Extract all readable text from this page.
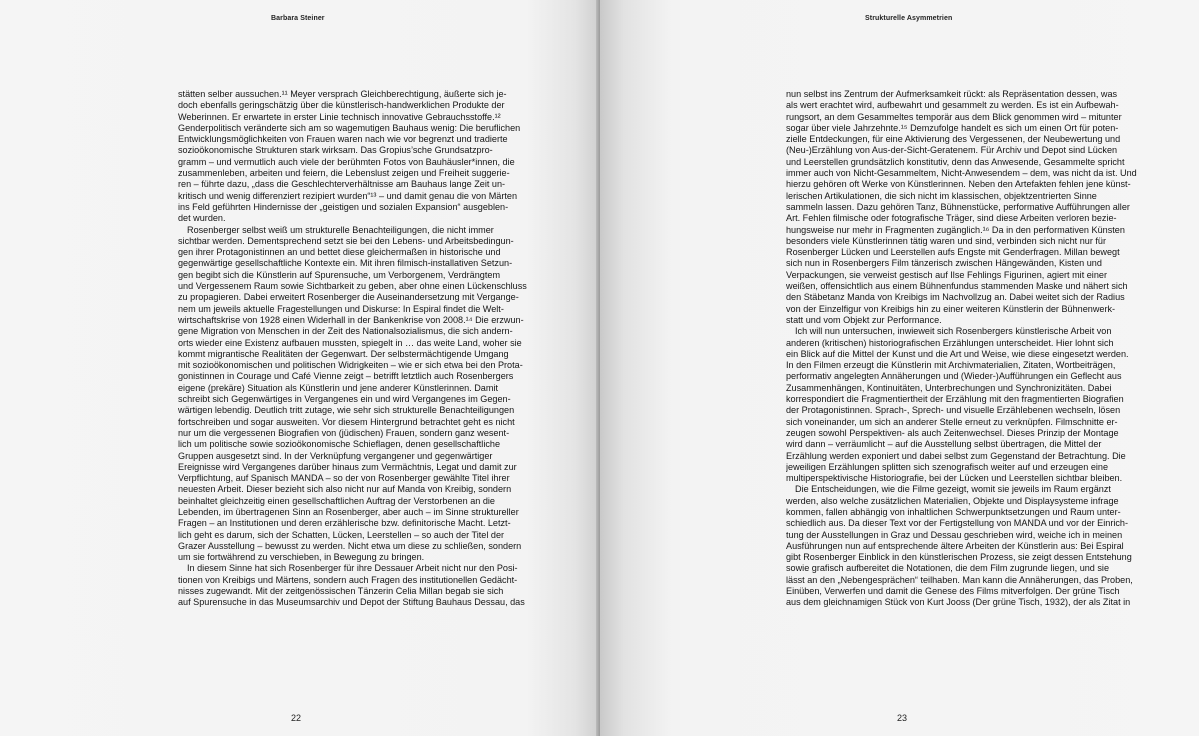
Barbara Steiner
stätten selber aussuchen.¹¹ Meyer versprach Gleichberechtigung, äußerte sich je-
doch ebenfalls geringschätzig über die künstlerisch-handwerklichen Produkte der
Weberinnen. Er erwartete in erster Linie technisch innovative Gebrauchsstoffe.¹²
Genderpolitisch veränderte sich am so wagemutigen Bauhaus wenig: Die beruflichen
Entwicklungsmöglichkeiten von Frauen waren nach wie vor begrenzt und tradierte
sozioökonomische Strukturen stark wirksam. Das Gropius’sche Grundsatzpro-
gramm – und vermutlich auch viele der berühmten Fotos von Bauhäusler*innen, die
zusammenleben, arbeiten und feiern, die Lebenslust zeigen und Freiheit suggerie-
ren – führte dazu, „dass die Geschlechterverhältnisse am Bauhaus lange Zeit un-
kritisch und wenig differenziert rezipiert wurden“¹³ – und damit genau die von Märten
ins Feld geführten Hindernisse der „geistigen und sozialen Expansion“ ausgeblen-
det wurden.
Rosenberger selbst weiß um strukturelle Benachteiligungen, die nicht immer
sichtbar werden. Dementsprechend setzt sie bei den Lebens- und Arbeitsbedingun-
gen ihrer Protagonistinnen an und bettet diese gleichermaßen in historische und
gegenwärtige gesellschaftliche Kontexte ein. Mit ihren filmisch-installativen Setzun-
gen begibt sich die Künstlerin auf Spurensuche, um Verborgenem, Verdrängtem
und Vergessenem Raum sowie Sichtbarkeit zu geben, aber ohne einen Lückenschluss
zu propagieren. Dabei erweitert Rosenberger die Auseinandersetzung mit Vergange-
nem um jeweils aktuelle Fragestellungen und Diskurse: In Espiral findet die Welt-
wirtschaftskrise von 1928 einen Widerhall in der Bankenkrise von 2008.¹⁴ Die erzwun-
gene Migration von Menschen in der Zeit des Nationalsozialismus, die sich andern-
orts wieder eine Existenz aufbauen mussten, spiegelt in … das weite Land, woher sie
kommt migrantische Realitäten der Gegenwart. Der selbstermächtigende Umgang
mit sozioökonomischen und politischen Widrigkeiten – wie er sich etwa bei den Prota-
gonistinnen in Courage und Café Vienne zeigt – betrifft letztlich auch Rosenbergers
eigene (prekäre) Situation als Künstlerin und jene anderer Künstlerinnen. Damit
schreibt sich Gegenwärtiges in Vergangenes ein und wird Vergangenes im Gegen-
wärtigen lebendig. Deutlich tritt zutage, wie sehr sich strukturelle Benachteiligungen
fortschreiben und sogar ausweiten. Vor diesem Hintergrund betrachtet geht es nicht
nur um die vergessenen Biografien von (jüdischen) Frauen, sondern ganz wesent-
lich um politische sowie sozioökonomische Schieflagen, denen gesellschaftliche
Gruppen ausgesetzt sind. In der Verknüpfung vergangener und gegenwärtiger
Ereignisse wird Vergangenes darüber hinaus zum Vermächtnis, Legat und damit zur
Verpflichtung, auf Spanisch MANDA – so der von Rosenberger gewählte Titel ihrer
neuesten Arbeit. Dieser bezieht sich also nicht nur auf Manda von Kreibig, sondern
beinhaltet gleichzeitig einen gesellschaftlichen Auftrag der Verstorbenen an die
Lebenden, im übertragenen Sinn an Rosenberger, aber auch – im Sinne struktureller
Fragen – an Institutionen und deren erzählerische bzw. definitorische Macht. Letzt-
lich geht es darum, sich der Schatten, Lücken, Leerstellen – so auch der Titel der
Grazer Ausstellung – bewusst zu werden. Nicht etwa um diese zu schließen, sondern
um sie fortwährend zu verschieben, in Bewegung zu bringen.
In diesem Sinne hat sich Rosenberger für ihre Dessauer Arbeit nicht nur den Posi-
tionen von Kreibigs und Märtens, sondern auch Fragen des institutionellen Gedächt-
nisses zugewandt. Mit der zeitgenössischen Tänzerin Celia Millan begab sie sich
auf Spurensuche in das Museumsarchiv und Depot der Stiftung Bauhaus Dessau, das
22
Strukturelle Asymmetrien
nun selbst ins Zentrum der Aufmerksamkeit rückt: als Repräsentation dessen, was
als wert erachtet wird, aufbewahrt und gesammelt zu werden. Es ist ein Aufbewah-
rungsort, an dem Gesammeltes temporär aus dem Blick genommen wird – mitunter
sogar über viele Jahrzehnte.¹⁵ Demzufolge handelt es sich um einen Ort für poten-
zielle Entdeckungen, für eine Aktivierung des Vergessenen, der Neubewertung und
(Neu-)Erzählung von Aus-der-Sicht-Geratenem. Für Archiv und Depot sind Lücken
und Leerstellen grundsätzlich konstitutiv, denn das Anwesende, Gesammelte spricht
immer auch von Nicht-Gesammeltem, Nicht-Anwesendem – dem, was nicht da ist. Und
hierzu gehören oft Werke von Künstlerinnen. Neben den Artefakten fehlen jene künst-
lerischen Artikulationen, die sich nicht im klassischen, objektzentrierten Sinne
sammeln lassen. Dazu gehören Tanz, Bühnenstücke, performative Aufführungen aller
Art. Fehlen filmische oder fotografische Träger, sind diese Arbeiten verloren bezie-
hungsweise nur mehr in Fragmenten zugänglich.¹⁶ Da in den performativen Künsten
besonders viele Künstlerinnen tätig waren und sind, verbinden sich nicht nur für
Rosenberger Lücken und Leerstellen aufs Engste mit Genderfragen. Millan bewegt
sich nun in Rosenbergers Film tänzerisch zwischen Hängewänden, Kisten und
Verpackungen, sie verweist gestisch auf Ilse Fehlings Figurinen, agiert mit einer
weißen, offensichtlich aus einem Bühnenfundus stammenden Maske und nähert sich
den Stäbetanz Manda von Kreibigs im Nachvollzug an. Dabei weitet sich der Radius
von der Einzelfigur von Kreibigs hin zu einer weiteren Künstlerin der Bühnenwerk-
statt und vom Objekt zur Performance.
Ich will nun untersuchen, inwieweit sich Rosenbergers künstlerische Arbeit von
anderen (kritischen) historiografischen Erzählungen unterscheidet. Hier lohnt sich
ein Blick auf die Mittel der Kunst und die Art und Weise, wie diese eingesetzt werden.
In den Filmen erzeugt die Künstlerin mit Archivmaterialien, Zitaten, Wortbeiträgen,
performativ angelegten Annäherungen und (Wieder-)Aufführungen ein Geflecht aus
Zusammenhängen, Kontinuitäten, Unterbrechungen und Synchronizitäten. Dabei
korrespondiert die Fragmentiertheit der Erzählung mit den fragmentierten Biografien
der Protagonistinnen. Sprach-, Sprech- und visuelle Erzählebenen wechseln, lösen
sich voneinander, um sich an anderer Stelle erneut zu verknüpfen. Filmschnitte er-
zeugen sowohl Perspektiven- als auch Zeitenwechsel. Dieses Prinzip der Montage
wird dann – verräumlicht – auf die Ausstellung selbst übertragen, die Mittel der
Erzählung werden exponiert und dabei selbst zum Gegenstand der Betrachtung. Die
jeweiligen Erzählungen splitten sich szenografisch weiter auf und erzeugen eine
multiperspektivische Historiografie, bei der Lücken und Leerstellen sichtbar bleiben.
Die Entscheidungen, wie die Filme gezeigt, womit sie jeweils im Raum ergänzt
werden, also welche zusätzlichen Materialien, Objekte und Displaysysteme infrage
kommen, fallen abhängig von inhaltlichen Schwerpunktsetzungen und Raum unter-
schiedlich aus. Da dieser Text vor der Fertigstellung von MANDA und vor der Einrich-
tung der Ausstellungen in Graz und Dessau geschrieben wird, weiche ich in meinen
Ausführungen nun auf entsprechende ältere Arbeiten der Künstlerin aus: Bei Espiral
gibt Rosenberger Einblick in den künstlerischen Prozess, sie zeigt dessen Entstehung
sowie grafisch aufbereitet die Notationen, die dem Film zugrunde liegen, und sie
lässt an den „Nebengesprächen“ teilhaben. Man kann die Annäherungen, das Proben,
Einüben, Verwerfen und damit die Genese des Films mitverfolgen. Der grüne Tisch
aus dem gleichnamigen Stück von Kurt Jooss (Der grüne Tisch, 1932), der als Zitat in
23
